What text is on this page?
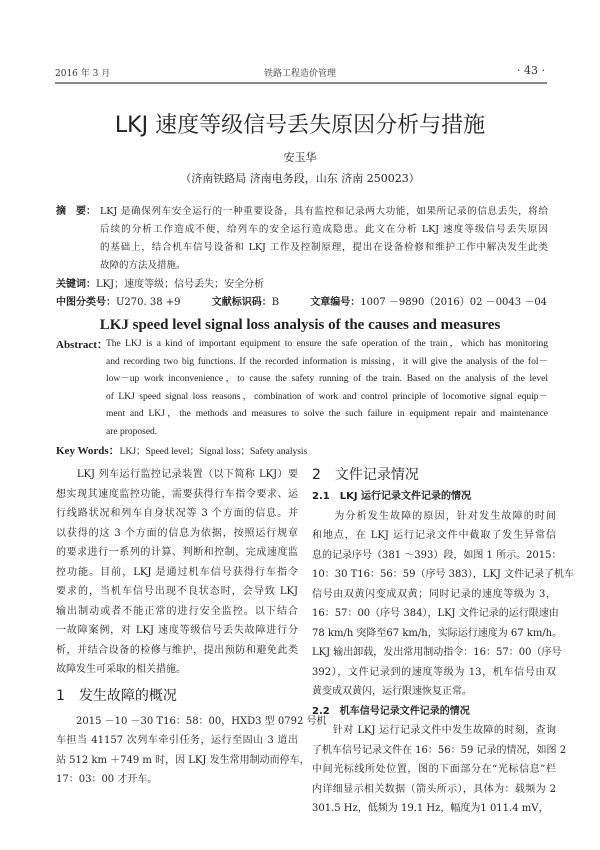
2016 年 3 月	铁路工程造价管理	· 43 ·
LKJ 速度等级信号丢失原因分析与措施
安玉华
（济南铁路局 济南电务段，山东 济南 250023）
摘　要： LKJ 是确保列车安全运行的一种重要设备，具有监控和记录两大功能，如果所记录的信息丢失，将给
后续的分析工作造成不便，给列车的安全运行造成隐患。此文在分析 LKJ 速度等级信号丢失原因
的基础上，结合机车信号设备和 LKJ 工作及控制原理，提出在设备检修和维护工作中解决发生此类
故障的方法及措施。
关键词：LKJ；速度等级；信号丢失；安全分析
中图分类号：U270. 38 +9	文献标识码：B	文章编号：1007 －9890（2016）02 －0043 －04
LKJ speed level signal loss analysis of the causes and measures
Abstract：
The LKJ is a kind of important equipment to ensure the safe operation of the train，which has monitoring
and recording two big functions. If the recorded information is missing，it will give the analysis of the fol－
low－up work inconvenience，to cause the safety running of the train. Based on the analysis of the level
of LKJ speed signal loss reasons，combination of work and control principle of locomotive signal equip－
ment and LKJ，the methods and measures to solve the such failure in equipment repair and maintenance
are proposed.
Key Words：LKJ；Speed level；Signal loss；Safety analysis
　　LKJ 列车运行监控记录装置（以下简称 LKJ）要
想实现其速度监控功能，需要获得行车指令要求、运
行线路状况和列车自身状况等 3 个方面的信息。并
以获得的这 3 个方面的信息为依据，按照运行规章
的要求进行一系列的计算、判断和控制，完成速度监
控功能。目前，LKJ 是通过机车信号获得行车指令
要求的，当机车信号出现不良状态时，会导致 LKJ
输出制动或者不能正常的进行安全监控。以下结合
一故障案例，对 LKJ 速度等级信号丢失故障进行分
析，并结合设备的检修与维护，提出预防和避免此类
故障发生可采取的相关措施。
1　发生故障的概况
　　2015 －10 －30 T16：58：00，HXD3 型 0792 号机
车担当 41157 次列车牵引任务，运行至固山 3 道出
站 512 km ＋749 m 时，因 LKJ 发生常用制动而停车，
17：03：00 才开车。
2　文件记录情况
2.1　LKJ 运行记录文件记录的情况
　　为分析发生故障的原因，针对发生故障的时间
和地点，在 LKJ 运行记录文件中截取了发生异常信
息的记录序号（381 ～393）段，如图 1 所示。2015：
10：30 T16：56：59（序号 383），LKJ 文件记录了机车
信号由双黄闪变成双黄；同时记录的速度等级为 3，
16：57：00（序号 384），LKJ 文件记录的运行限速由
78 km/h 突降至67 km/h，实际运行速度为 67 km/h。
LKJ 输出卸载，发出常用制动指令：16：57：00（序号
392），文件记录到的速度等级为 13，机车信号由双
黄变成双黄闪，运行限速恢复正常。
2.2　机车信号记录文件记录的情况
　　针对 LKJ 运行记录文件中发生故障的时刻，查询
了机车信号记录文件在 16：56：59 记录的情况，如图 2
中间光标线所处位置，图的下面部分在“光标信息”栏
内详细显示相关数据（箭头所示），具体为：载频为 2
301.5 Hz，低频为 19.1 Hz，幅度为1 011.4 mV，
